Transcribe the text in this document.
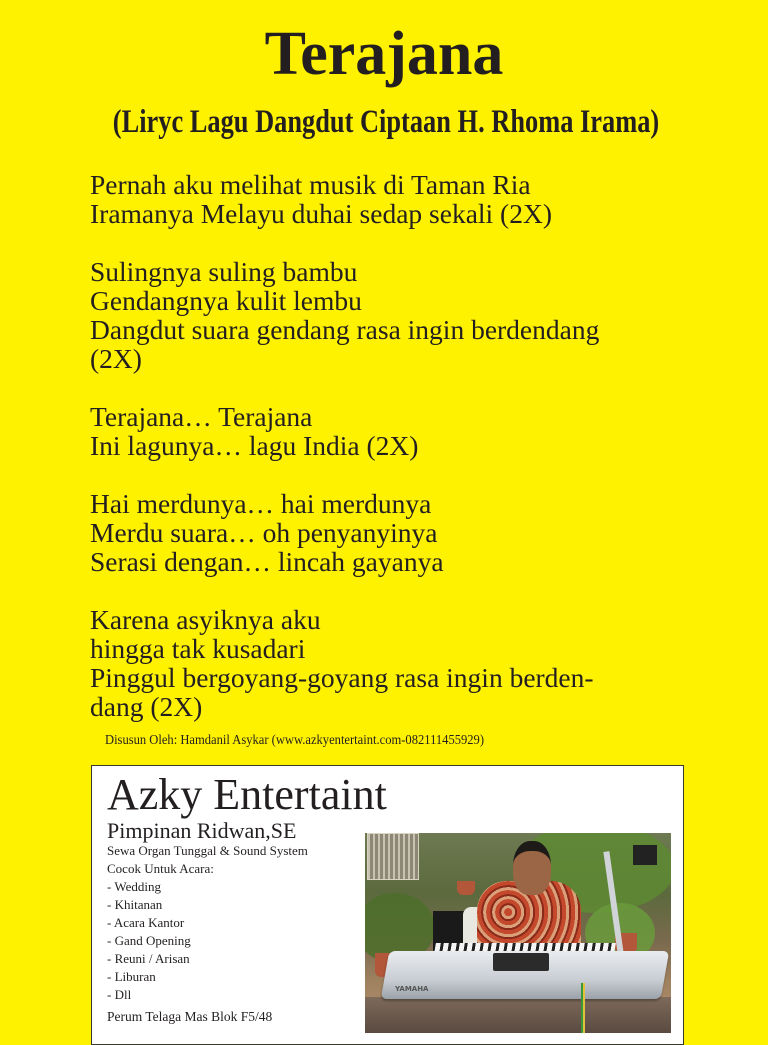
Terajana
(Liryc Lagu Dangdut Ciptaan H. Rhoma Irama)
Pernah aku melihat musik di Taman Ria
Iramanya Melayu duhai sedap sekali (2X)
Sulingnya suling bambu
Gendangnya kulit lembu
Dangdut suara gendang rasa ingin berdendang
(2X)
Terajana… Terajana
Ini lagunya… lagu India (2X)
Hai merdunya… hai merdunya
Merdu suara… oh penyanyinya
Serasi dengan… lincah gayanya
Karena asyiknya aku
hingga tak kusadari
Pinggul bergoyang-goyang rasa ingin berden-
dang (2X)
Disusun Oleh: Hamdanil Asykar (www.azkyentertaint.com-082111455929)
Azky Entertaint
Pimpinan Ridwan,SE
Sewa Organ Tunggal & Sound System
Cocok Untuk Acara:
- Wedding
- Khitanan
- Acara Kantor
- Gand Opening
- Reuni / Arisan
- Liburan
- Dll
Perum Telaga Mas Blok F5/48
YAMAHA
